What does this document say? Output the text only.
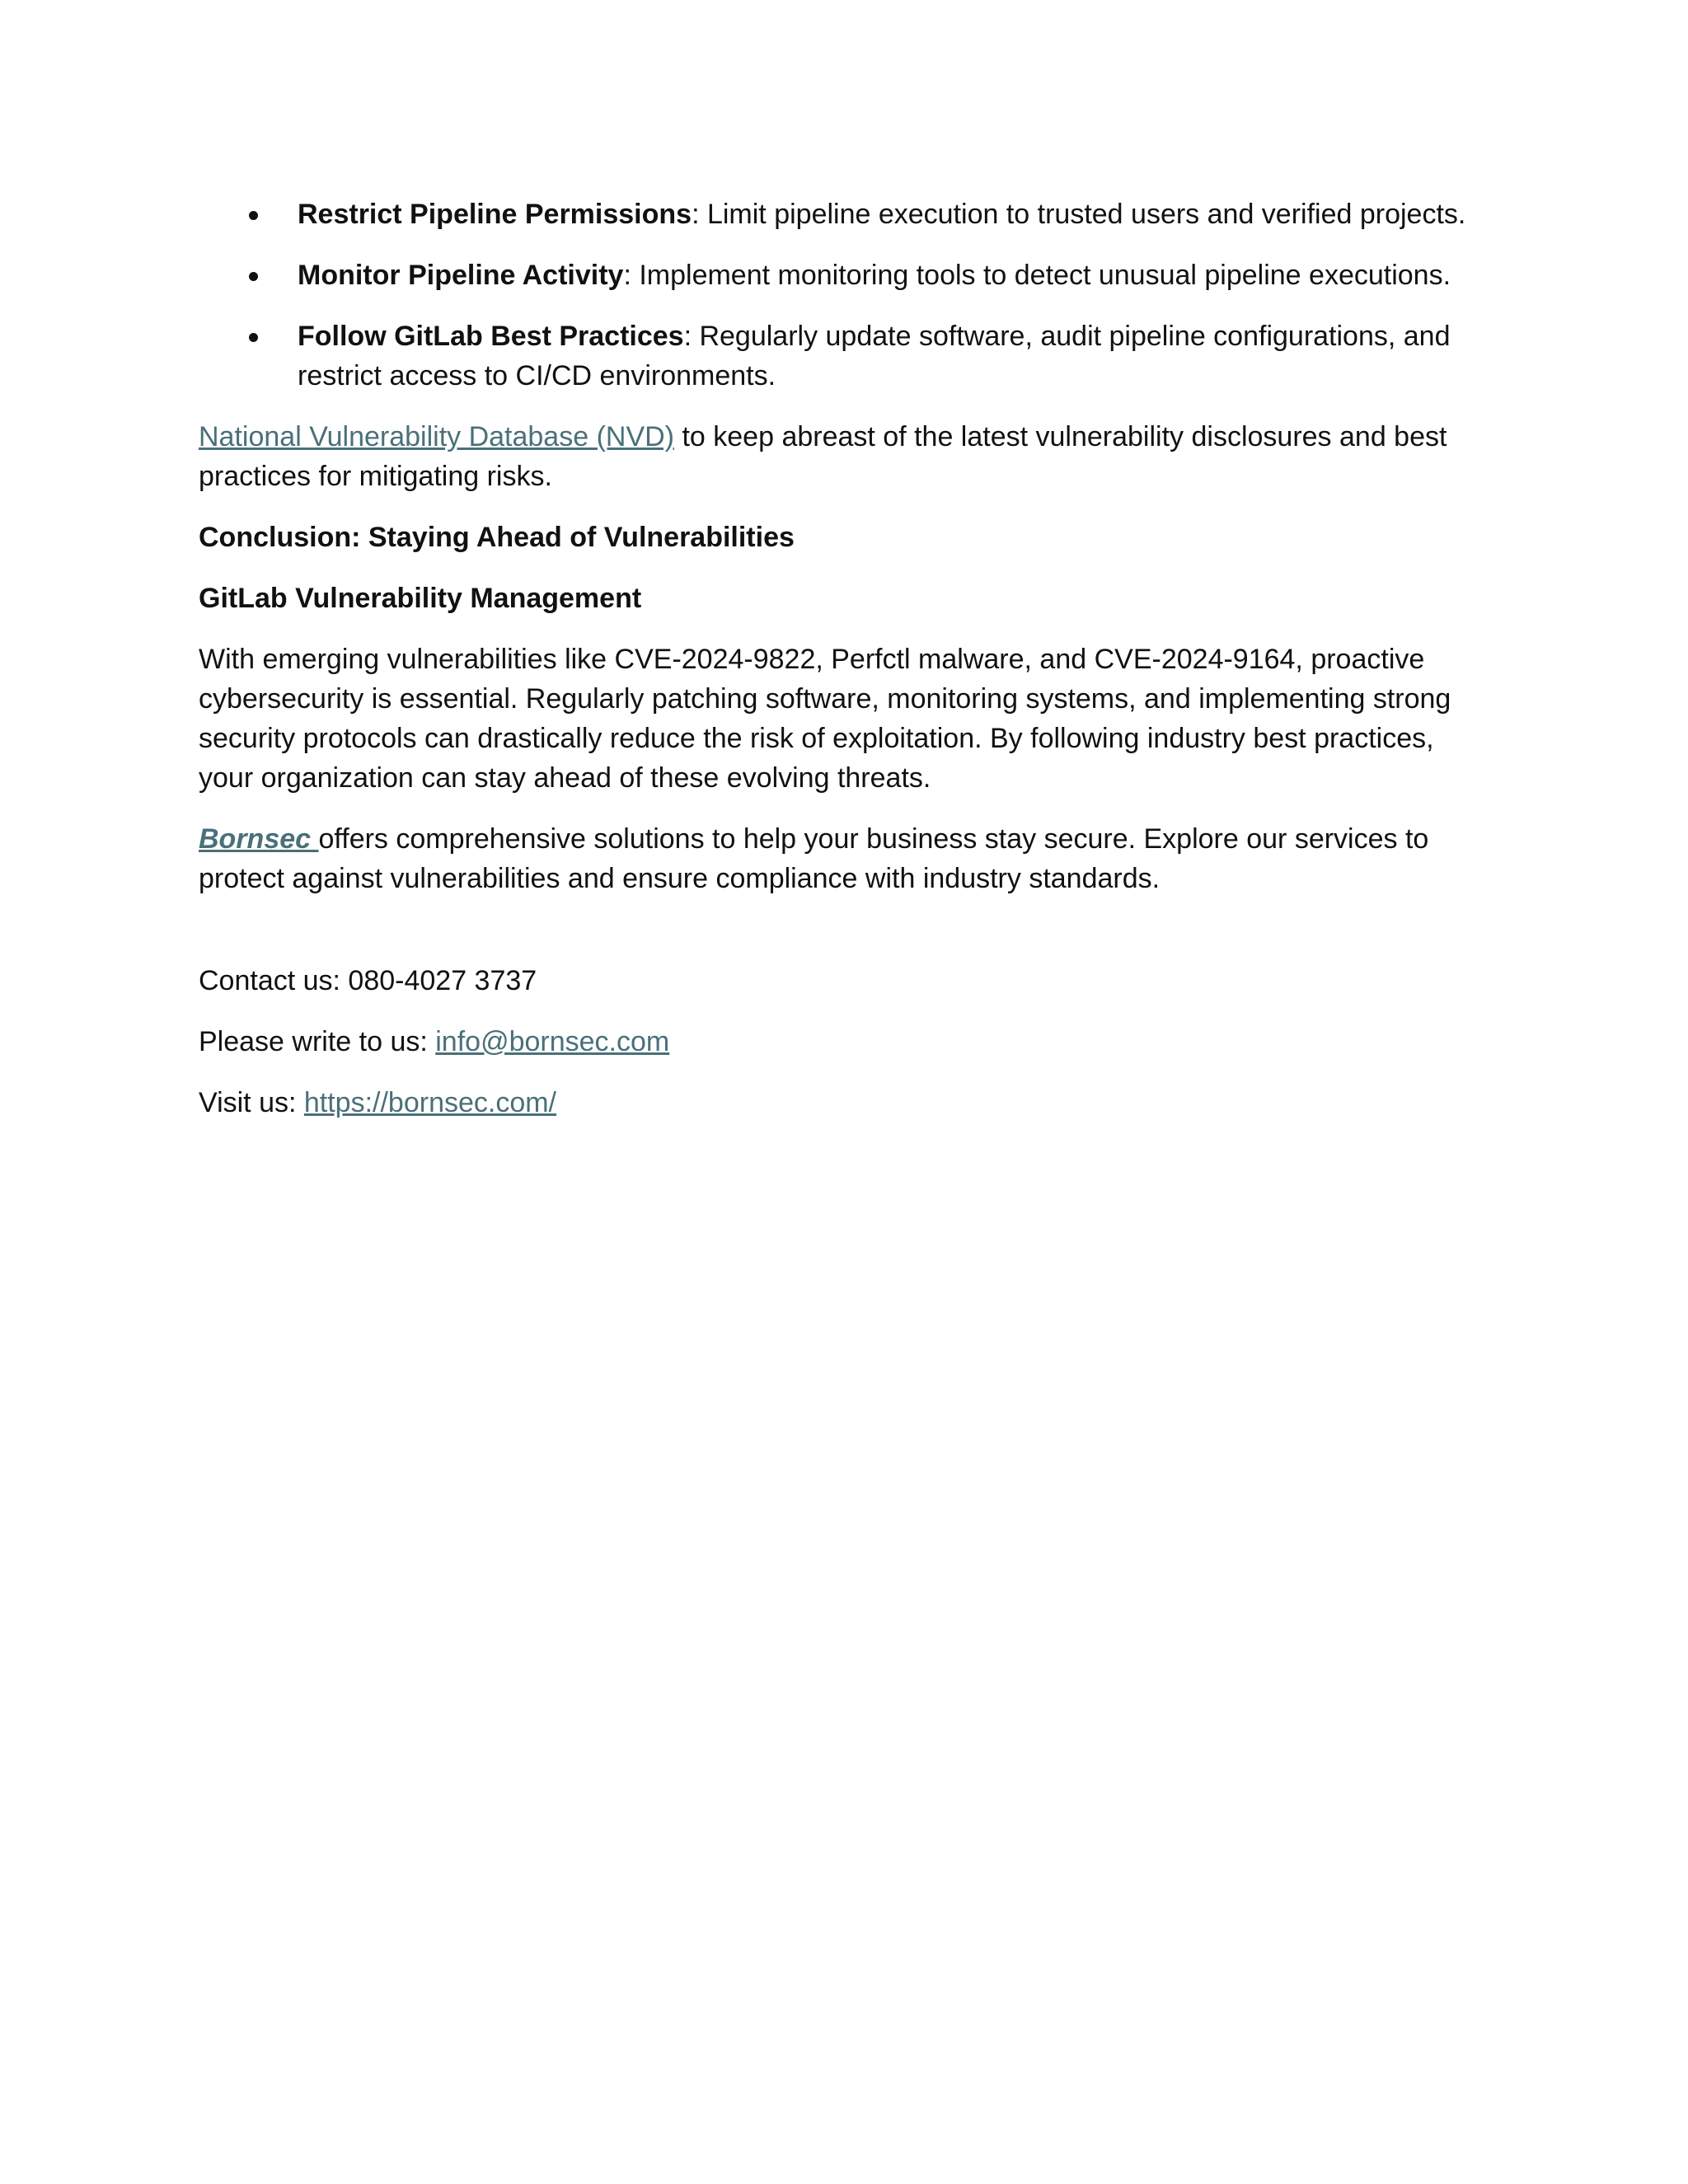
Restrict Pipeline Permissions: Limit pipeline execution to trusted users and verified projects.
Monitor Pipeline Activity: Implement monitoring tools to detect unusual pipeline executions.
Follow GitLab Best Practices: Regularly update software, audit pipeline configurations, and restrict access to CI/CD environments.

National Vulnerability Database (NVD) to keep abreast of the latest vulnerability disclosures and best practices for mitigating risks.

Conclusion: Staying Ahead of Vulnerabilities

GitLab Vulnerability Management

With emerging vulnerabilities like CVE-2024-9822, Perfctl malware, and CVE-2024-9164, proactive cybersecurity is essential. Regularly patching software, monitoring systems, and implementing strong security protocols can drastically reduce the risk of exploitation. By following industry best practices, your organization can stay ahead of these evolving threats.

Bornsec offers comprehensive solutions to help your business stay secure. Explore our services to protect against vulnerabilities and ensure compliance with industry standards.

Contact us: 080-4027 3737

Please write to us: info@bornsec.com

Visit us: https://bornsec.com/
